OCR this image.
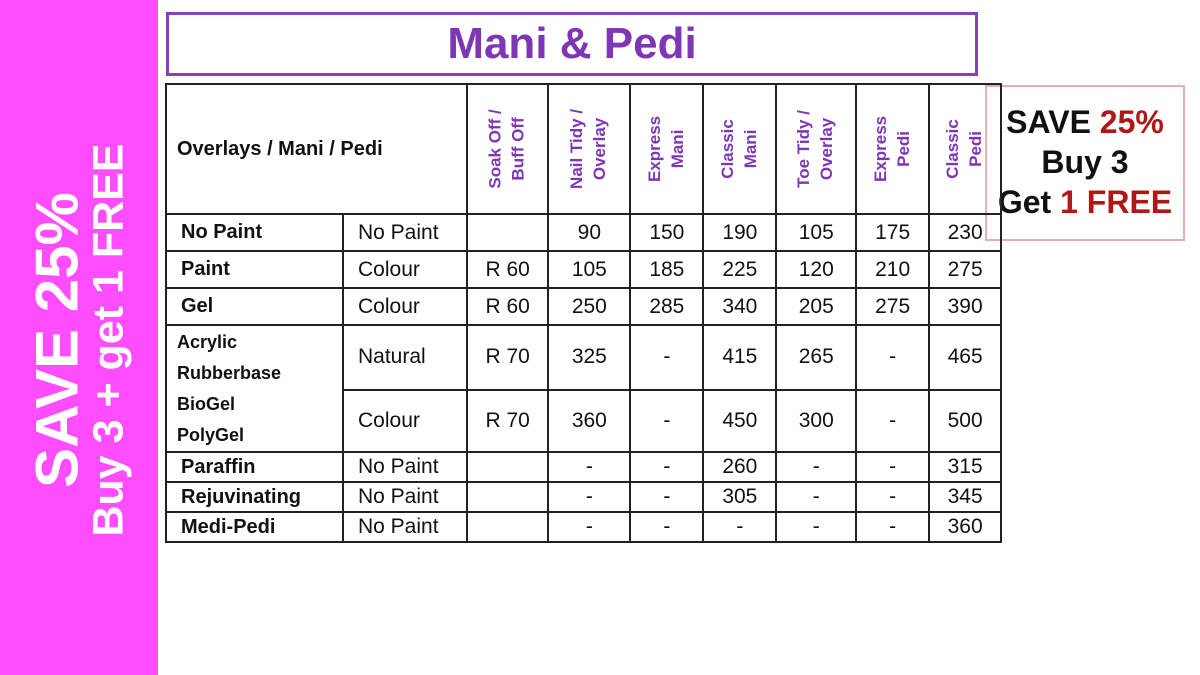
SAVE 25%
Buy 3 + get 1 FREE
Mani & Pedi
SAVE 25%
Buy 3
Get 1 FREE
Overlays / Mani / Pedi		Soak Off / Buff Off	Nail Tidy / Overlay	Express Mani	Classic Mani	Toe Tidy / Overlay	Express Pedi	Classic Pedi
No Paint	No Paint		90	150	190	105	175	230
Paint	Colour	R 60	105	185	225	120	210	275
Gel	Colour	R 60	250	285	340	205	275	390

Acrylic
Rubberbase
BioGel
PolyGel	Natural	R 70	325	-	415	265	-	465
	Colour	R 70	360	-	450	300	-	500
Paraffin	No Paint		-	-	260	-	-	315
Rejuvinating	No Paint		-	-	305	-	-	345
Medi-Pedi	No Paint		-	-	-	-	-	360
